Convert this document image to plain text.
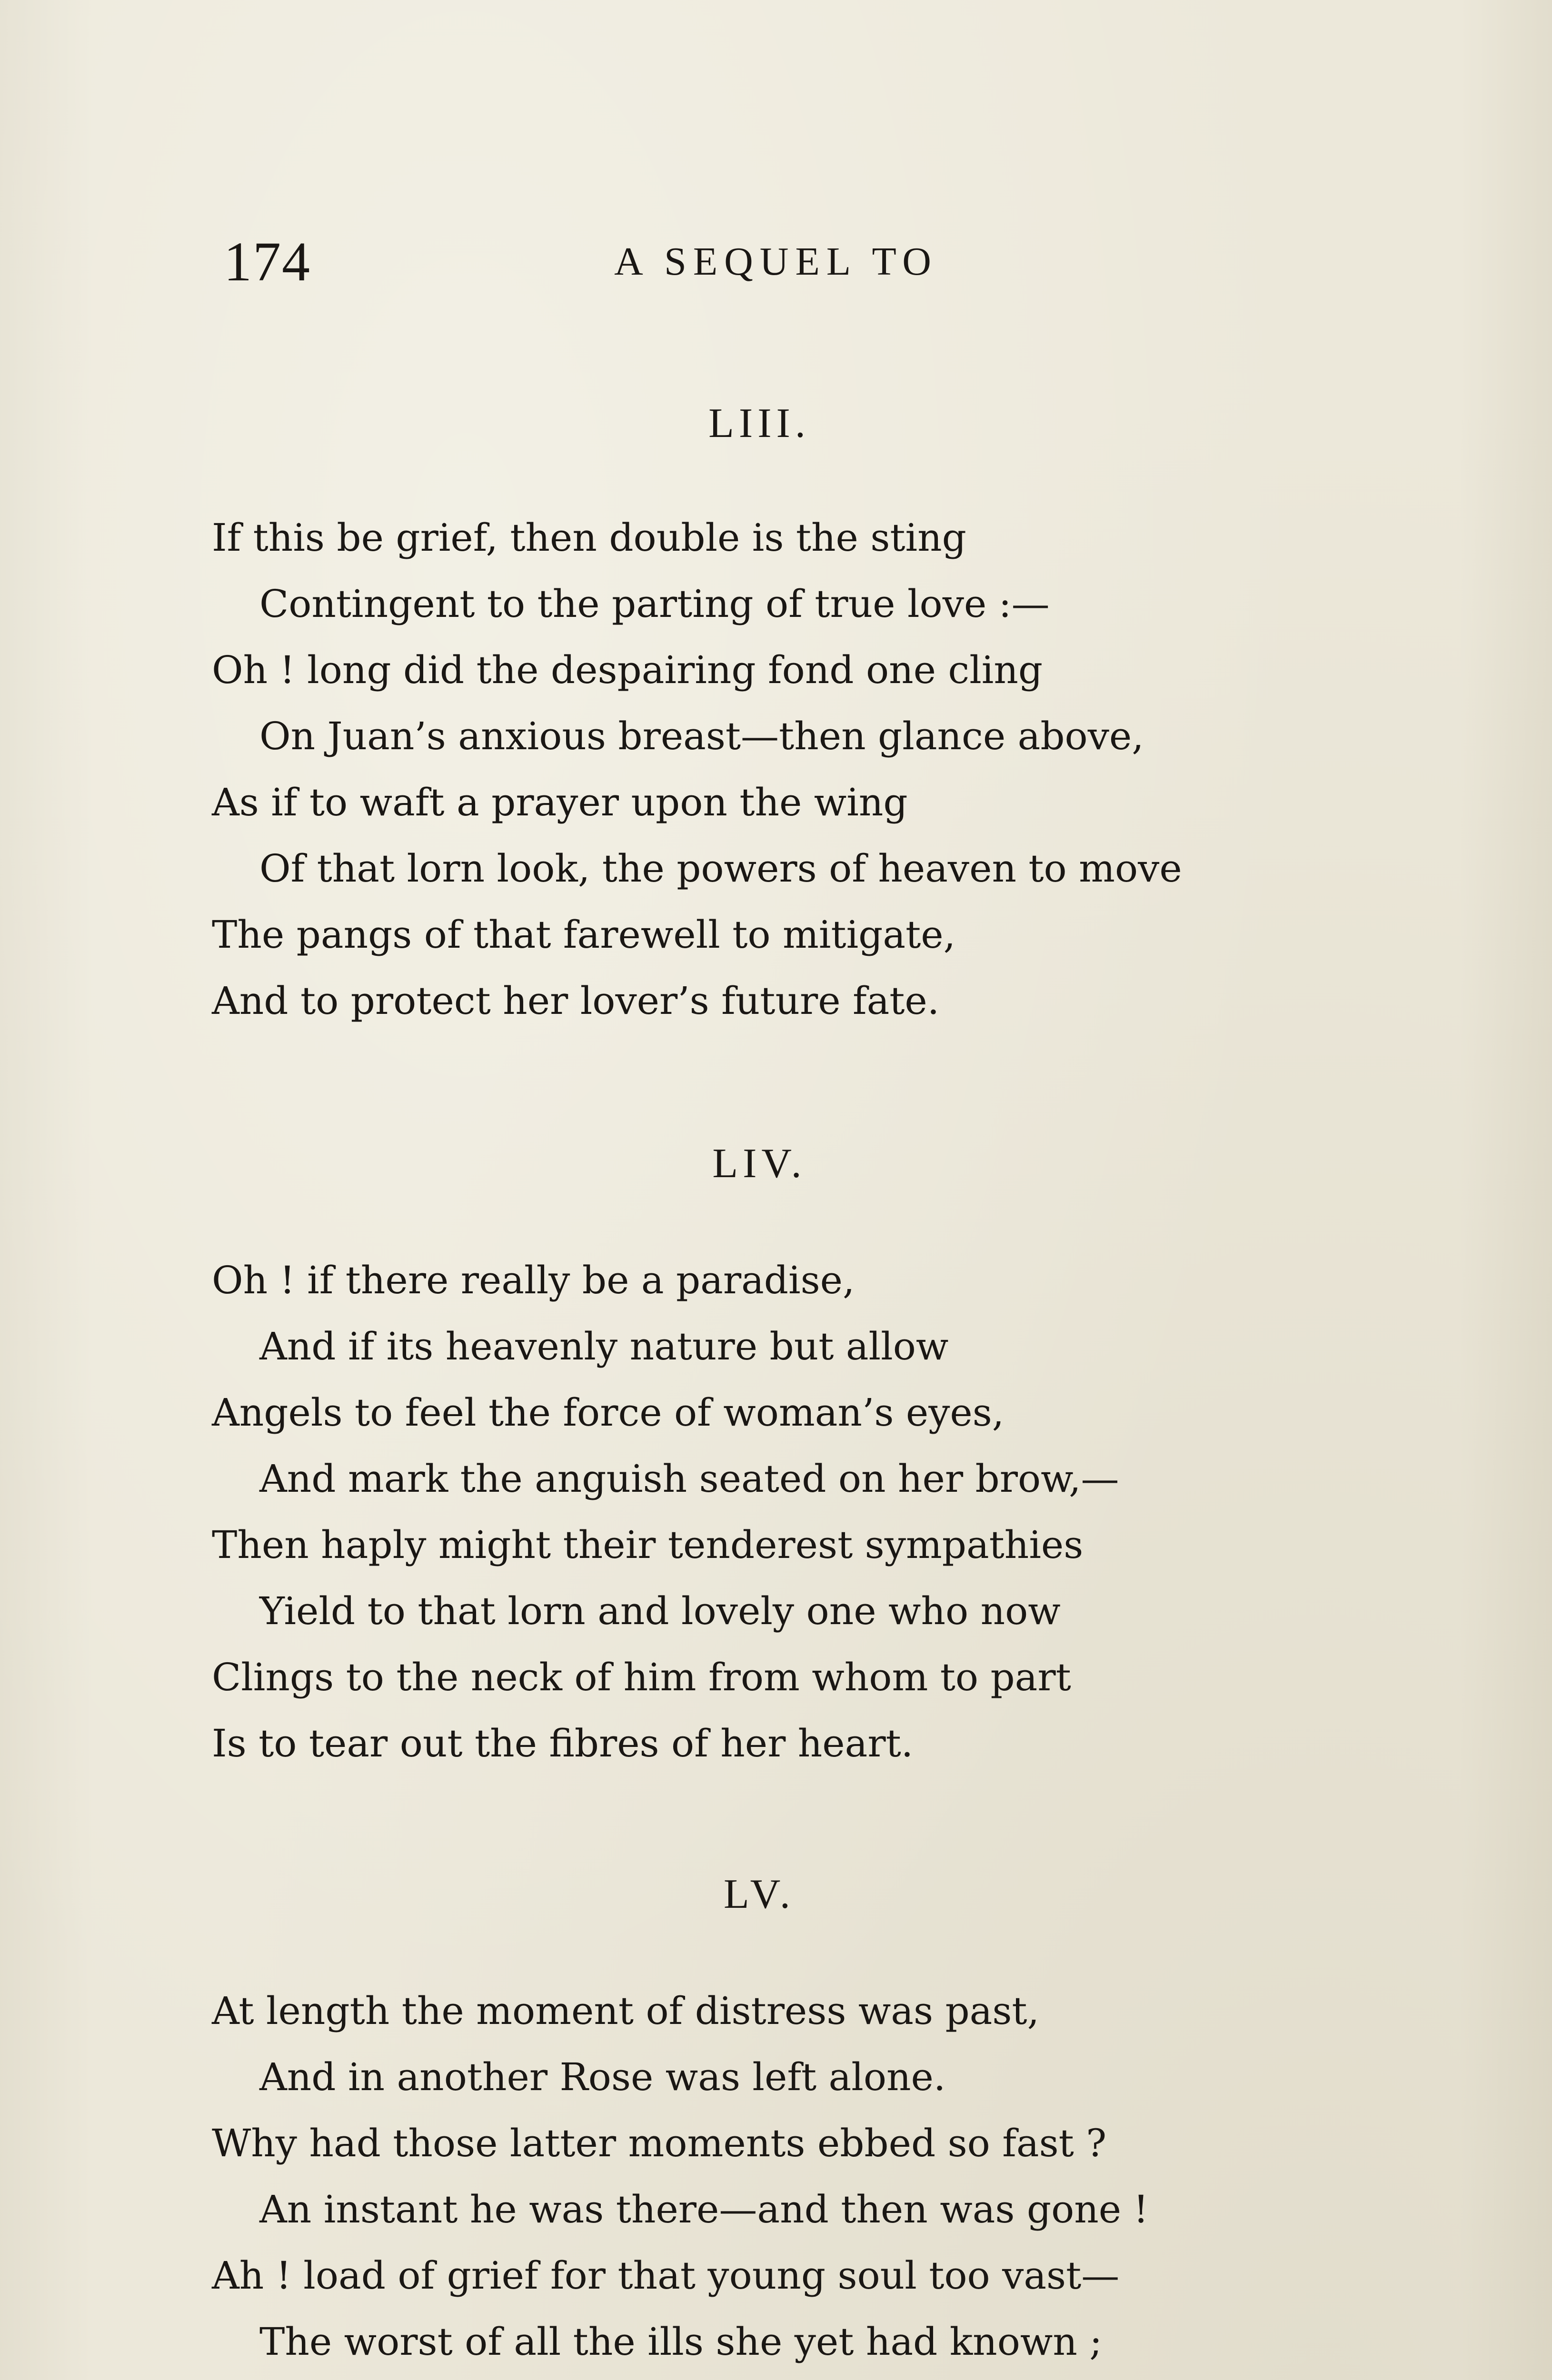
174	A SEQUEL TO
LIII.
If this be grief, then double is the sting
Contingent to the parting of true love :—
Oh ! long did the despairing fond one cling
On Juan’s anxious breast—then glance above,
As if to waft a prayer upon the wing
Of that lorn look, the powers of heaven to move
The pangs of that farewell to mitigate,
And to protect her lover’s future fate.
LIV.
Oh ! if there really be a paradise,
And if its heavenly nature but allow
Angels to feel the force of woman’s eyes,
And mark the anguish seated on her brow,—
Then haply might their tenderest sympathies
Yield to that lorn and lovely one who now
Clings to the neck of him from whom to part
Is to tear out the fibres of her heart.
LV.
At length the moment of distress was past,
And in another Rose was left alone.
Why had those latter moments ebbed so fast ?
An instant he was there—and then was gone !
Ah ! load of grief for that young soul too vast—
The worst of all the ills she yet had known ;
